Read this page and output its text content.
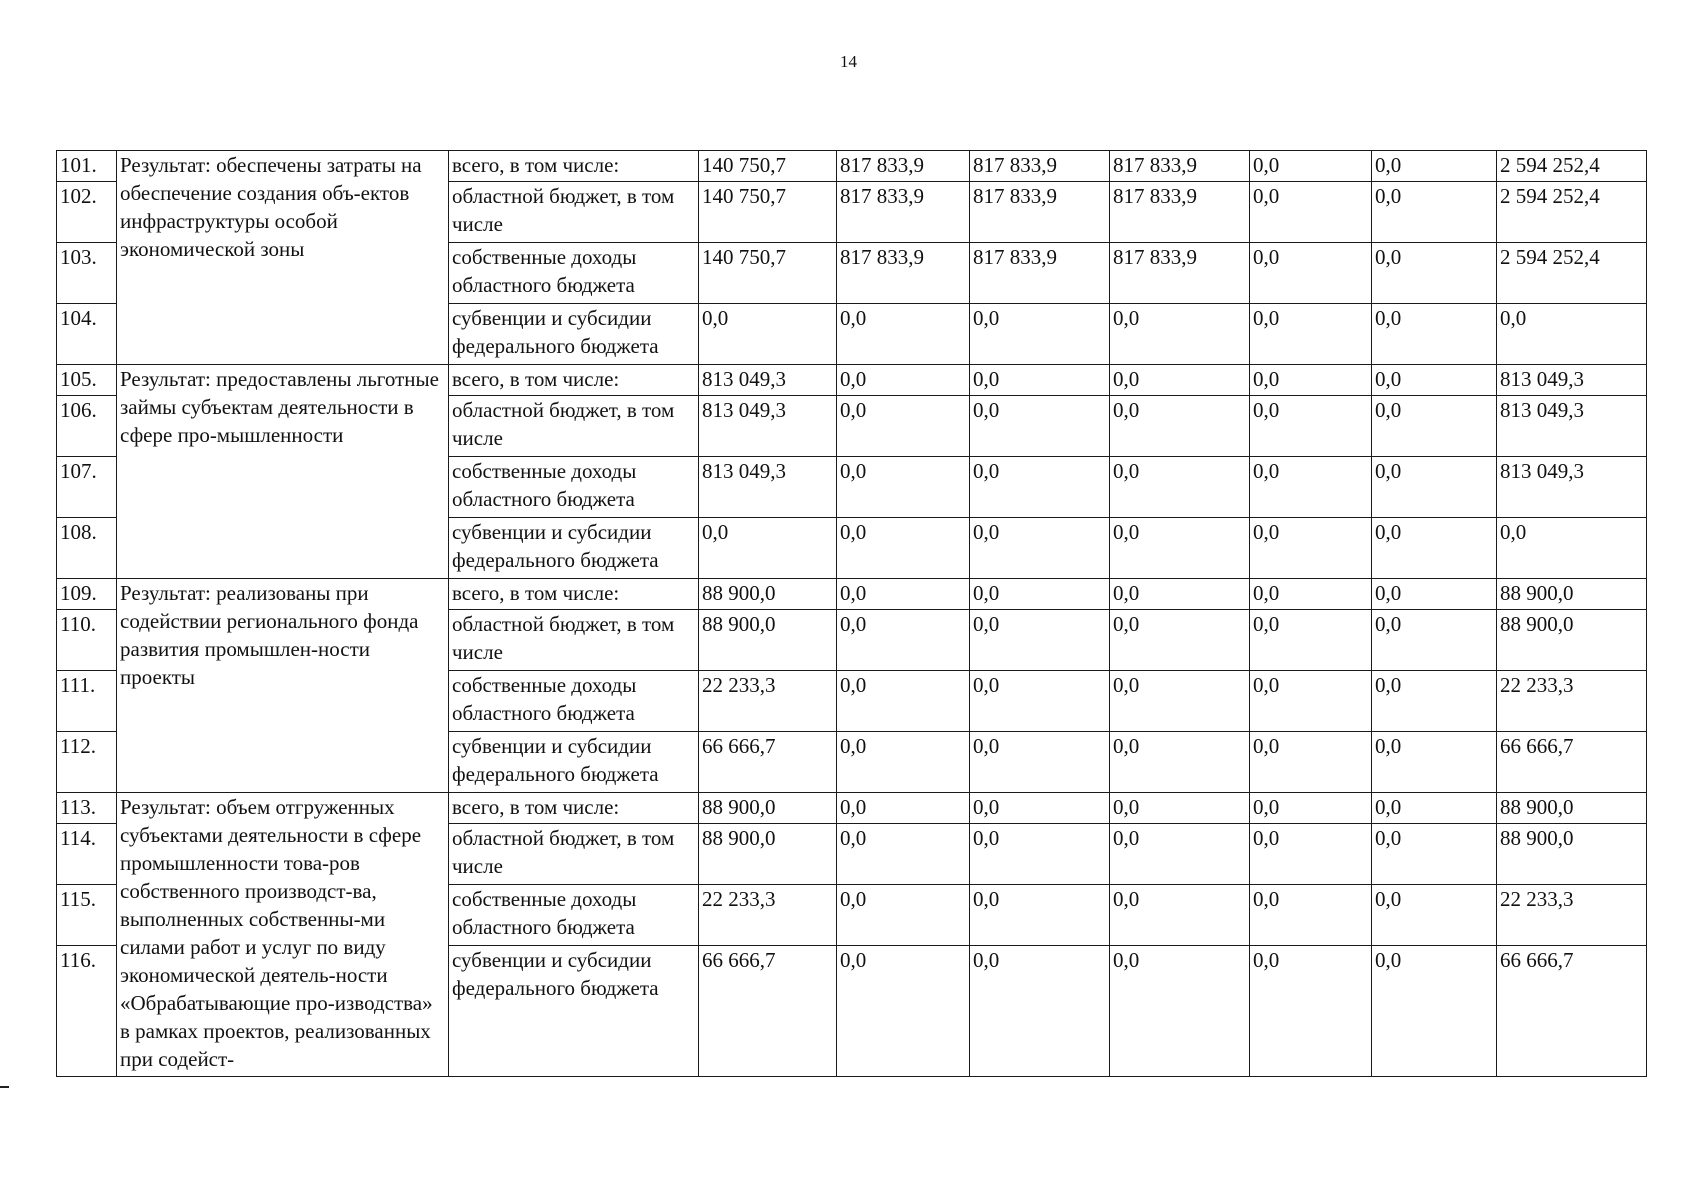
14
101.	Результат: обеспечены затраты на обеспечение создания объ-ектов инфраструктуры особой экономической зоны	всего, в том числе:	140 750,7	817 833,9	817 833,9	817 833,9	0,0	0,0	2 594 252,4
102.		областной бюджет, в том числе	140 750,7	817 833,9	817 833,9	817 833,9	0,0	0,0	2 594 252,4
103.		собственные доходы областного бюджета	140 750,7	817 833,9	817 833,9	817 833,9	0,0	0,0	2 594 252,4
104.		субвенции и субсидии федерального бюджета	0,0	0,0	0,0	0,0	0,0	0,0	0,0
105.	Результат: предоставлены льготные займы субъектам деятельности в сфере про-мышленности	всего, в том числе:	813 049,3	0,0	0,0	0,0	0,0	0,0	813 049,3
106.		областной бюджет, в том числе	813 049,3	0,0	0,0	0,0	0,0	0,0	813 049,3
107.		собственные доходы областного бюджета	813 049,3	0,0	0,0	0,0	0,0	0,0	813 049,3
108.		субвенции и субсидии федерального бюджета	0,0	0,0	0,0	0,0	0,0	0,0	0,0
109.	Результат: реализованы при содействии регионального фонда развития промышлен-ности проекты	всего, в том числе:	88 900,0	0,0	0,0	0,0	0,0	0,0	88 900,0
110.		областной бюджет, в том числе	88 900,0	0,0	0,0	0,0	0,0	0,0	88 900,0
111.		собственные доходы областного бюджета	22 233,3	0,0	0,0	0,0	0,0	0,0	22 233,3
112.		субвенции и субсидии федерального бюджета	66 666,7	0,0	0,0	0,0	0,0	0,0	66 666,7
113.	Результат: объем отгруженных субъектами деятельности в сфере промышленности това-ров собственного производст-ва, выполненных собственны-ми силами работ и услуг по виду экономической деятель-ности «Обрабатывающие про-изводства» в рамках проектов, реализованных при содейст-	всего, в том числе:	88 900,0	0,0	0,0	0,0	0,0	0,0	88 900,0
114.		областной бюджет, в том числе	88 900,0	0,0	0,0	0,0	0,0	0,0	88 900,0
115.		собственные доходы областного бюджета	22 233,3	0,0	0,0	0,0	0,0	0,0	22 233,3
116.		субвенции и субсидии федерального бюджета	66 666,7	0,0	0,0	0,0	0,0	0,0	66 666,7
